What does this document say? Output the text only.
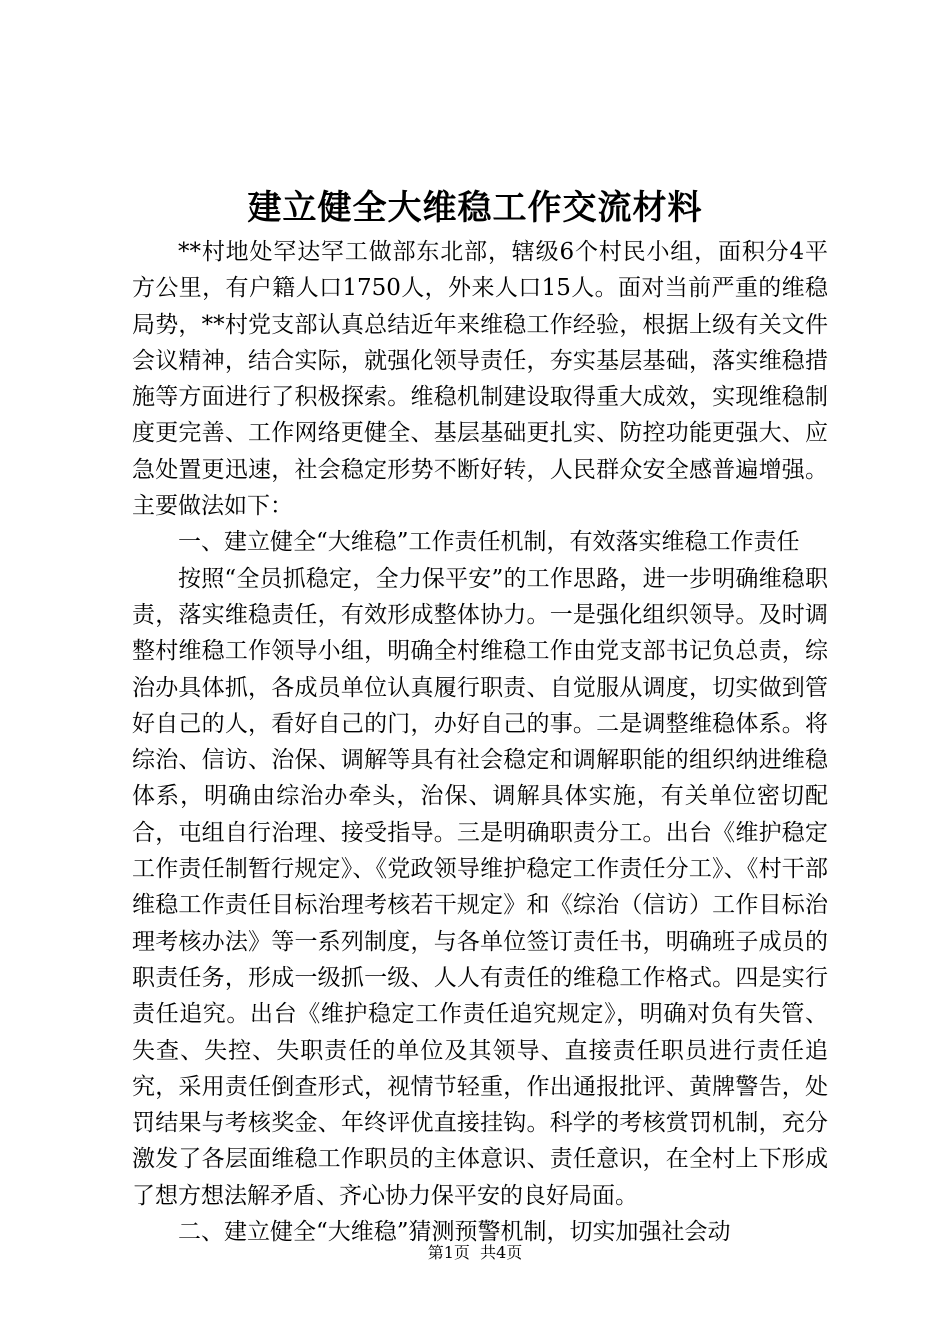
建立健全大维稳工作交流材料

**村地处罕达罕工做部东北部，辖级6个村民小组，面积分4平方公里，有户籍人口1750人，外来人口15人。面对当前严重的维稳局势，**村党支部认真总结近年来维稳工作经验，根据上级有关文件会议精神，结合实际，就强化领导责任，夯实基层基础，落实维稳措施等方面进行了积极探索。维稳机制建设取得重大成效，实现维稳制度更完善、工作网络更健全、基层基础更扎实、防控功能更强大、应急处置更迅速，社会稳定形势不断好转，人民群众安全感普遍增强。主要做法如下：

一、建立健全“大维稳”工作责任机制，有效落实维稳工作责任

按照“全员抓稳定，全力保平安”的工作思路，进一步明确维稳职责，落实维稳责任，有效形成整体协力。一是强化组织领导。及时调整村维稳工作领导小组，明确全村维稳工作由党支部书记负总责，综治办具体抓，各成员单位认真履行职责、自觉服从调度，切实做到管好自己的人，看好自己的门，办好自己的事。二是调整维稳体系。将综治、信访、治保、调解等具有社会稳定和调解职能的组织纳进维稳体系，明确由综治办牵头，治保、调解具体实施，有关单位密切配合，屯组自行治理、接受指导。三是明确职责分工。出台《维护稳定工作责任制暂行规定》、《党政领导维护稳定工作责任分工》、《村干部维稳工作责任目标治理考核若干规定》和《综治（信访）工作目标治理考核办法》等一系列制度，与各单位签订责任书，明确班子成员的职责任务，形成一级抓一级、人人有责任的维稳工作格式。四是实行责任追究。出台《维护稳定工作责任追究规定》，明确对负有失管、失查、失控、失职责任的单位及其领导、直接责任职员进行责任追究，采用责任倒查形式，视情节轻重，作出通报批评、黄牌警告，处罚结果与考核奖金、年终评优直接挂钩。科学的考核赏罚机制，充分激发了各层面维稳工作职员的主体意识、责任意识，在全村上下形成了想方想法解矛盾、齐心协力保平安的良好局面。

二、建立健全“大维稳”猜测预警机制，切实加强社会动

第1页 共4页
